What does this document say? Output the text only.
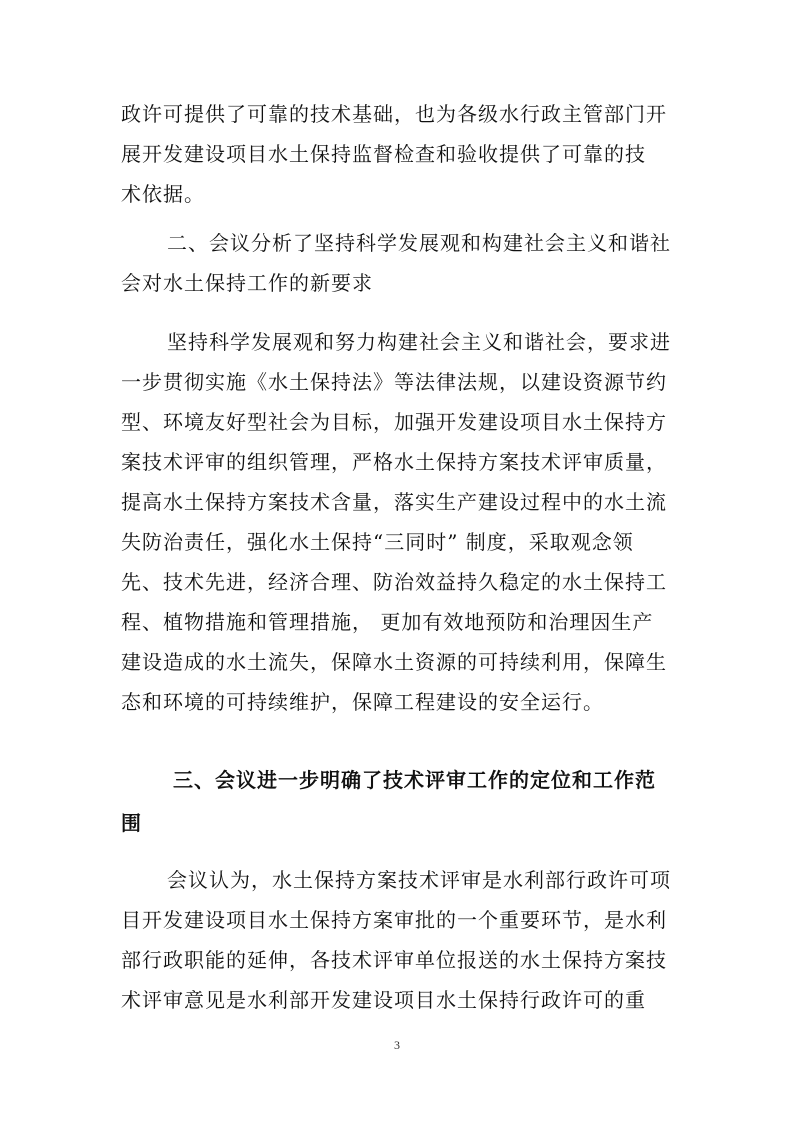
政许可提供了可靠的技术基础，也为各级水行政主管部门开
展开发建设项目水土保持监督检查和验收提供了可靠的技
术依据。
二、会议分析了坚持科学发展观和构建社会主义和谐社
会对水土保持工作的新要求
坚持科学发展观和努力构建社会主义和谐社会，要求进
一步贯彻实施《水土保持法》等法律法规，以建设资源节约
型、环境友好型社会为目标，加强开发建设项目水土保持方
案技术评审的组织管理，严格水土保持方案技术评审质量，
提高水土保持方案技术含量，落实生产建设过程中的水土流
失防治责任，强化水土保持“三同时” 制度，采取观念领
先、技术先进，经济合理、防治效益持久稳定的水土保持工
程、植物措施和管理措施， 更加有效地预防和治理因生产
建设造成的水土流失，保障水土资源的可持续利用，保障生
态和环境的可持续维护，保障工程建设的安全运行。
三、会议进一步明确了技术评审工作的定位和工作范
围
会议认为，水土保持方案技术评审是水利部行政许可项
目开发建设项目水土保持方案审批的一个重要环节，是水利
部行政职能的延伸，各技术评审单位报送的水土保持方案技
术评审意见是水利部开发建设项目水土保持行政许可的重
3
